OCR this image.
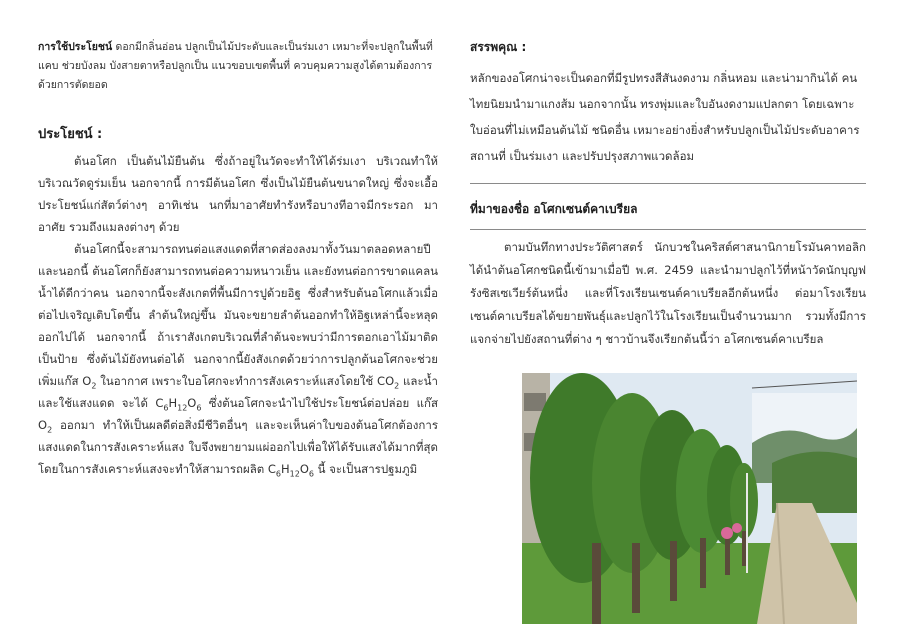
การใช้ประโยชน์ ดอกมีกลิ่นอ่อน ปลูกเป็นไม้ประดับและเป็นร่มเงา เหมาะที่จะปลูกในพื้นที่แคบ ช่วยบังลม บังสายตาหรือปลูกเป็น แนวขอบเขตพื้นที่ ควบคุมความสูงได้ตามต้องการด้วยการตัดยอด

ประโยชน์ :

ต้นอโศก เป็นต้นไม้ยืนต้น ซึ่งถ้าอยู่ในวัดจะทำให้ได้ร่มเงา บริเวณทำให้บริเวณวัดดูร่มเย็น นอกจากนี้ การมีต้นอโศก ซึ่งเป็นไม้ยืนต้นขนาดใหญ่ ซึ่งจะเอื้อประโยชน์แก่สัตว์ต่างๆ อาทิเช่น นกที่มาอาศัยทำรังหรือบางทีอาจมีกระรอก มาอาศัย รวมถึงแมลงต่างๆ ด้วย

ต้นอโศกนี้จะสามารถทนต่อแสงแดดที่สาดส่องลงมาทั้งวันมาตลอดหลายปี และนอกนี้ ต้นอโศกก็ยังสามารถทนต่อความหนาวเย็น และยังทนต่อการขาดแคลนน้ำได้ดีกว่าคน นอกจากนี้จะสังเกตที่พื้นมีการปูด้วยอิฐ ซึ่งสำหรับต้นอโศกแล้วเมื่อต่อไปเจริญเติบโตขึ้น ลำต้นใหญ่ขึ้น มันจะขยายลำต้นออกทำให้อิฐเหล่านี้จะหลุดออกไปได้ นอกจากนี้ ถ้าเราสังเกตบริเวณที่ลำต้นจะพบว่ามีการตอกเอาไม้มาติดเป็นป้าย ซึ่งต้นไม้ยังทนต่อได้ นอกจากนี้ยังสังเกตด้วยว่าการปลูกต้นอโศกจะช่วยเพิ่มแก๊ส $O_2$ ในอากาศ เพราะใบอโศกจะทำการสังเคราะห์แสงโดยใช้ $CO_2$ และน้ำและใช้แสงแดด จะได้ $C_6H_{12}O_6$ ซึ่งต้นอโศกจะนำไปใช้ประโยชน์ต่อปล่อย แก๊ส $O_2$ ออกมา ทำให้เป็นผลดีต่อสิ่งมีชีวิตอื่นๆ และจะเห็นค่าใบของต้นอโศกต้องการแสงแดดในการสังเคราะห์แสง ใบจึงพยายามแผ่ออกไปเพื่อให้ได้รับแสงได้มากที่สุด โดยในการสังเคราะห์แสงจะทำให้สามารถผลิต $C_6H_{12}O_6$ นี้ จะเป็นสารปฐมภูมิ

สรรพคุณ :

หลักของอโศกน่าจะเป็นดอกที่มีรูปทรงสีสันงดงาม กลิ่นหอม และน่ามากินได้ คนไทยนิยมนำมาแกงส้ม นอกจากนั้น ทรงพุ่มและใบอันงดงามแปลกตา โดยเฉพาะใบอ่อนที่ไม่เหมือนต้นไม้ ชนิดอื่น เหมาะอย่างยิ่งสำหรับปลูกเป็นไม้ประดับอาคารสถานที่ เป็นร่มเงา และปรับปรุงสภาพแวดล้อม

ที่มาของชื่อ อโศกเซนต์คาเบรียล

ตามบันทึกทางประวัติศาสตร์ นักบวชในคริสต์ศาสนานิกายโรมันคาทอลิกได้นำต้นอโศกชนิดนี้เข้ามาเมื่อปี พ.ศ. 2459 และนำมาปลูกไว้ที่หน้าวัดนักบุญฟรังซิสเซเวียร์ต้นหนึ่ง และที่โรงเรียนเซนต์คาเบรียลอีกต้นหนึ่ง ต่อมาโรงเรียนเซนต์คาเบรียลได้ขยายพันธุ์และปลูกไว้ในโรงเรียนเป็นจำนวนมาก รวมทั้งมีการแจกจ่ายไปยังสถานที่ต่าง ๆ ชาวบ้านจึงเรียกต้นนี้ว่า อโศกเซนต์คาเบรียล
